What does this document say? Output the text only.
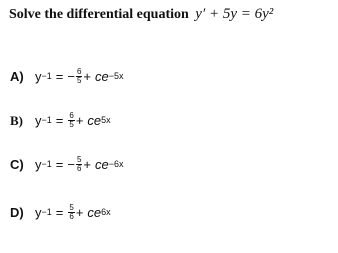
Solve the differential equation y′ + 5y = 6y²
A) $y^{-1}$ = − $\frac{6}{5} + ce^{-5x}$
B) $y^{-1} = \frac{6}{5} + ce^{5x}$
C) $y^{-1}$ = − $\frac{5}{6} + ce^{-6x}$
D) $y^{-1} = \frac{5}{6} + ce^{6x}$
